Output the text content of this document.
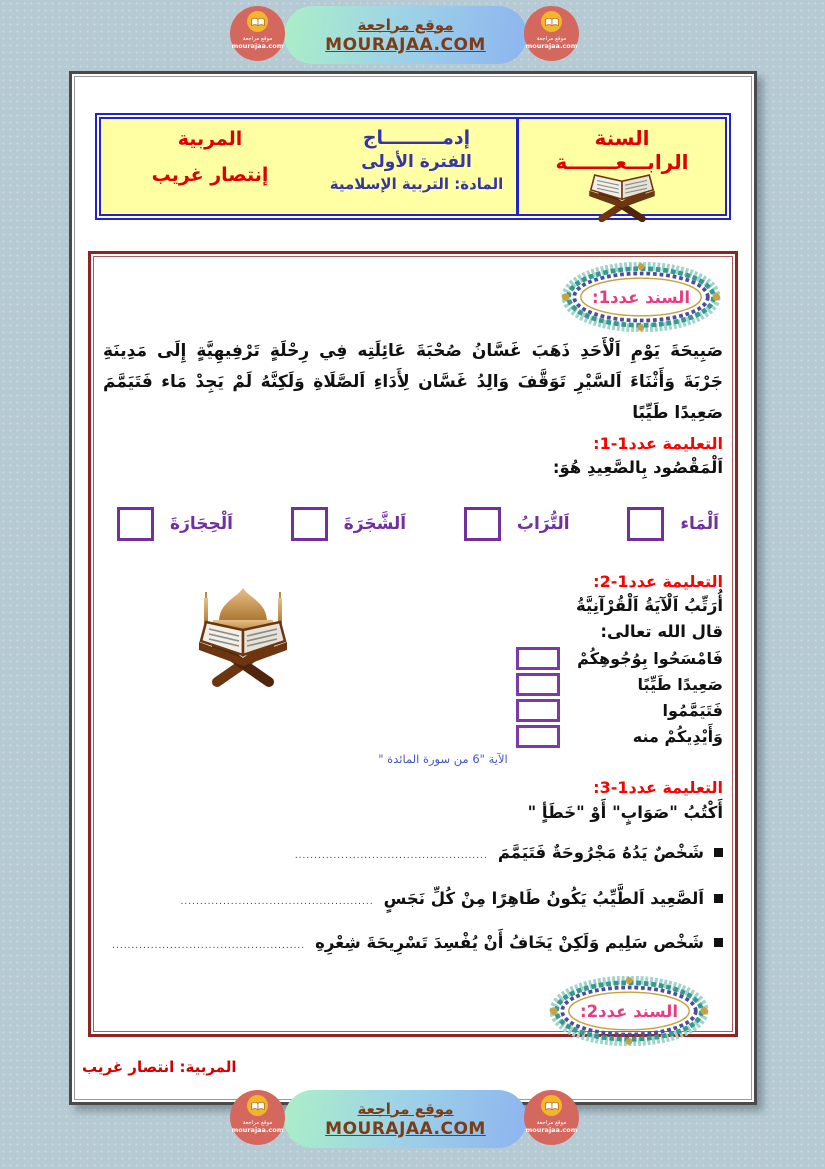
موقع مراجعة
mourajaa.com
موقع مراجعة
MOURAJAA.COM	موقع مراجعة
mourajaa.com
السنة
الرابـــعـــــــة
إدمـــــــــاج
الفترة الأولى
المادة: التربية الإسلامية
المربية
إنتصار غريب
السند عدد1:

صَبِيحَةَ يَوْمِ اَلْأَحَدِ ذَهَبَ غَسَّانُ صُحْبَةَ عَائِلَتِه فِي رِحْلَةٍ تَرْفِيهِيَّةٍ إِلَى مَدِينَةِ جَرْبَةَ وَأَثْنَاءَ اَلسَّيْرِ تَوَقَّفَ وَالِدُ غَسَّان لِأَدَاءِ اَلصَّلَاةِ وَلَكِنَّهُ لَمْ يَجِدْ مَاء فَتَيَمَّمَ صَعِيدًا طَيِّبًا

التعليمة عدد1-1:
اَلْمَقْصُود بِالصَّعِيدِ هُوَ:
اَلْمَاء
اَلتُّرَابُ
اَلشَّجَرَةَ
اَلْحِجَارَةَ
التعليمة عدد1-2:
أُرَتِّبُ اَلْآيَةُ اَلْقُرْآنِيَّةُ
قال الله تعالى:
فَامْسَحُوا بِوُجُوهِكُمْ
صَعِيدًا طَيِّبًا
فَتَيَمَّمُوا
وَأَيْدِيكُمْ منه
الآية "6 من سورة المائدة "
التعليمة عدد1-3:
أَكْتُبُ "صَوَابٍ" أَوْ "خَطَأٍ "
شَخْصٌ يَدُهُ مَجْرُوحَةٌ فَتَيَمَّمَ
..................................................
اَلصَّعِيد اَلطَّيِّبُ يَكُونُ طَاهِرًا مِنْ كُلِّ نَجَسٍ
..................................................
شَخْص سَلِيم وَلَكِنْ يَخَافُ أَنْ يُفْسِدَ تَسْرِيحَةَ شِعْرِهِ
..................................................
السند عدد2:
المربية: انتصار غريب
موقع مراجعة
mourajaa.com
موقع مراجعة
MOURAJAA.COM	موقع مراجعة
mourajaa.com
